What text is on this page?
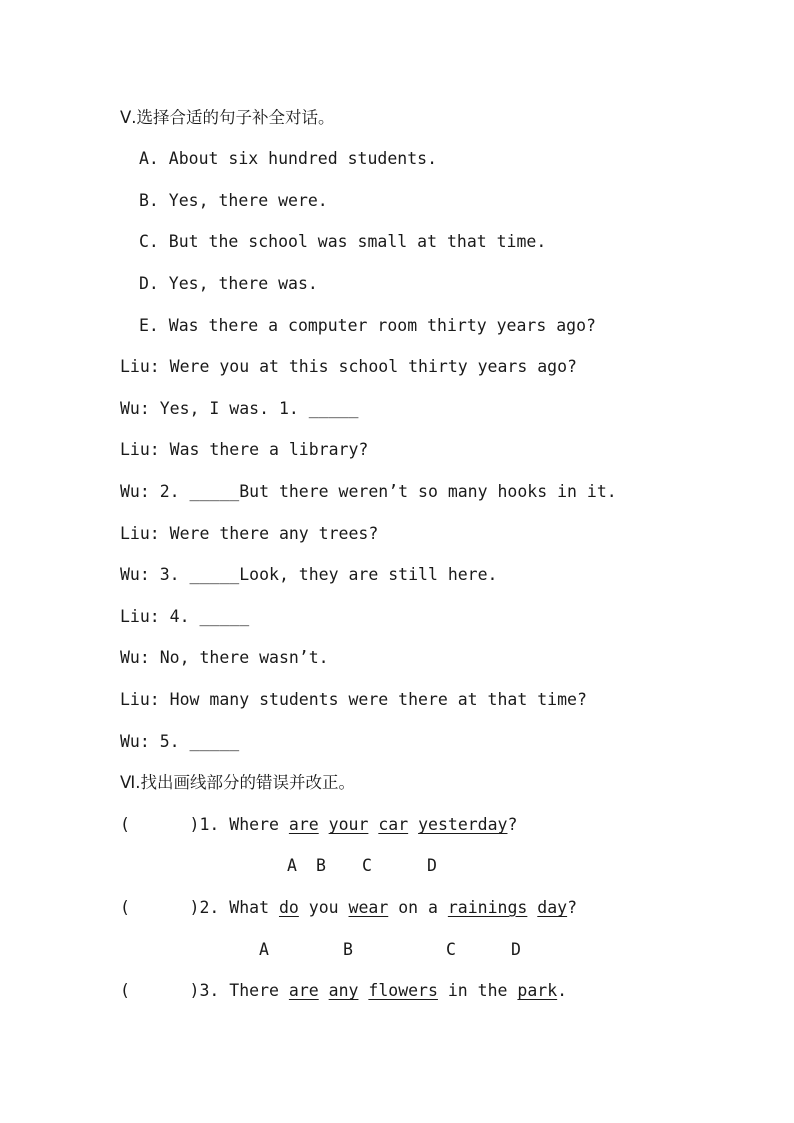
Ⅴ.选择合适的句子补全对话。
A. About six hundred students.
B. Yes, there were.
C. But the school was small at that time.
D. Yes, there was.
E. Was there a computer room thirty years ago?
Liu: Were you at this school thirty years ago?
Wu: Yes, I was. 1. _____
Liu: Was there a library?
Wu: 2. _____But there weren’t so many hooks in it.
Liu: Were there any trees?
Wu: 3. _____Look, they are still here.
Liu: 4. _____
Wu: No, there wasn’t.
Liu: How many students were there at that time?
Wu: 5. _____
Ⅵ.找出画线部分的错误并改正。
(      )1. Where are your car yesterday?
A B C	D
(      )2. What do you wear on a rainings day?
A	B	C	D
(      )3. There are any flowers in the park.
